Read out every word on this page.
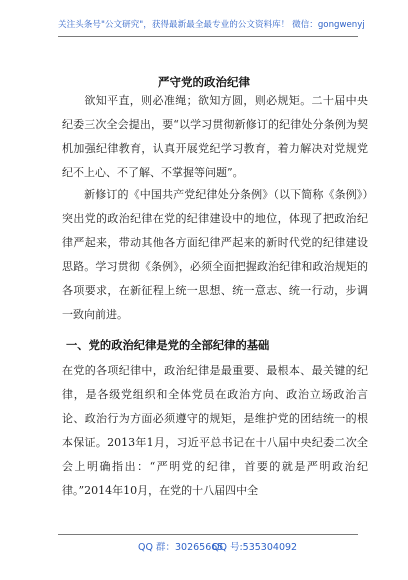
关注头条号"公文研究"，获得最新最全最专业的公文资料库！ 微信：gongwenyj
严守党的政治纪律
欲知平直，则必准绳；欲知方圆，则必规矩。二十届中央纪委三次全会提出，要“以学习贯彻新修订的纪律处分条例为契机加强纪律教育，认真开展党纪学习教育，着力解决对党规党纪不上心、不了解、不掌握等问题”。
新修订的《中国共产党纪律处分条例》（以下简称《条例》）突出党的政治纪律在党的纪律建设中的地位，体现了把政治纪律严起来，带动其他各方面纪律严起来的新时代党的纪律建设思路。学习贯彻《条例》，必须全面把握政治纪律和政治规矩的各项要求，在新征程上统一思想、统一意志、统一行动，步调一致向前进。
一、党的政治纪律是党的全部纪律的基础
在党的各项纪律中，政治纪律是最重要、最根本、最关键的纪律，是各级党组织和全体党员在政治方向、政治立场政治言论、政治行为方面必须遵守的规矩，是维护党的团结统一的根本保证。2013年1月，习近平总书记在十八届中央纪委二次全会上明确指出：“严明党的纪律，首要的就是严明政治纪律。”2014年10月，在党的十八届四中全
QQ 群：30265665
QQ 号:535304092
